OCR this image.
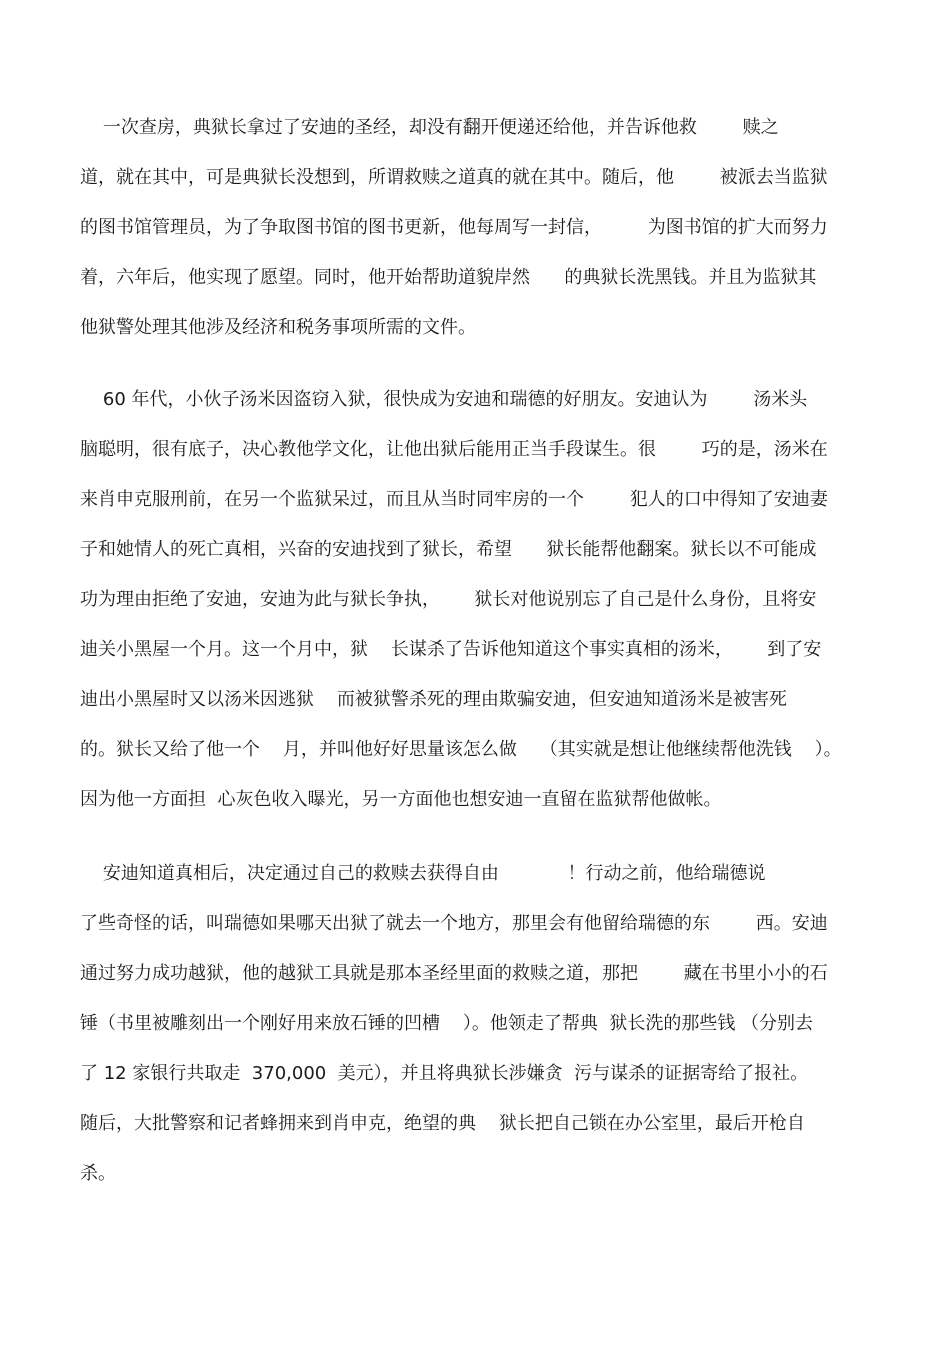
一次查房，典狱长拿过了安迪的圣经，却没有翻开便递还给他，并告诉他救        赎之
道，就在其中，可是典狱长没想到，所谓救赎之道真的就在其中。随后，他        被派去当监狱
的图书馆管理员，为了争取图书馆的图书更新，他每周写一封信，        为图书馆的扩大而努力
着，六年后，他实现了愿望。同时，他开始帮助道貌岸然      的典狱长洗黑钱。并且为监狱其
他狱警处理其他涉及经济和税务事项所需的文件。
60 年代，小伙子汤米因盗窃入狱，很快成为安迪和瑞德的好朋友。安迪认为        汤米头
脑聪明，很有底子，决心教他学文化，让他出狱后能用正当手段谋生。很        巧的是，汤米在
来肖申克服刑前，在另一个监狱呆过，而且从当时同牢房的一个        犯人的口中得知了安迪妻
子和她情人的死亡真相，兴奋的安迪找到了狱长，希望      狱长能帮他翻案。狱长以不可能成
功为理由拒绝了安迪，安迪为此与狱长争执，      狱长对他说别忘了自己是什么身份，且将安
迪关小黑屋一个月。这一个月中，狱    长谋杀了告诉他知道这个事实真相的汤米，      到了安
迪出小黑屋时又以汤米因逃狱    而被狱警杀死的理由欺骗安迪，但安迪知道汤米是被害死
的。狱长又给了他一个    月，并叫他好好思量该怎么做    （其实就是想让他继续帮他洗钱    ）。
因为他一方面担  心灰色收入曝光，另一方面他也想安迪一直留在监狱帮他做帐。
安迪知道真相后，决定通过自己的救赎去获得自由            ！行动之前，他给瑞德说
了些奇怪的话，叫瑞德如果哪天出狱了就去一个地方，那里会有他留给瑞德的东        西。安迪
通过努力成功越狱，他的越狱工具就是那本圣经里面的救赎之道，那把        藏在书里小小的石
锤（书里被雕刻出一个刚好用来放石锤的凹槽    ）。他领走了帮典  狱长洗的那些钱 （分别去
了 12 家银行共取走  370,000  美元），并且将典狱长涉嫌贪  污与谋杀的证据寄给了报社。
随后，大批警察和记者蜂拥来到肖申克，绝望的典    狱长把自己锁在办公室里，最后开枪自
杀。
